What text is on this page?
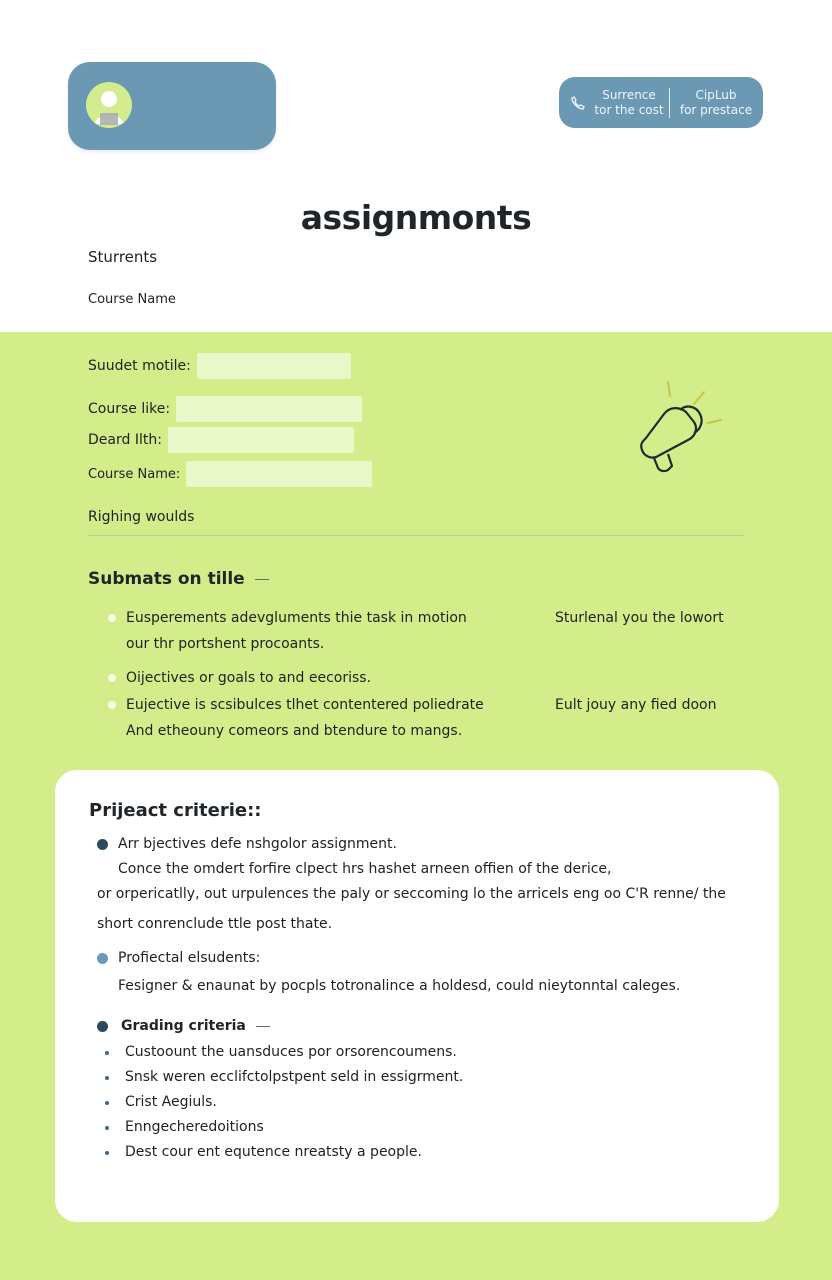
Surrence
tor the cost
CipLub
for prestace
assignmonts
Sturrents
Course Name
Suudet motile:
Course like:
Deard Ilth:
Course Name:
Righing woulds
Submats on tille
Eusperements adevgluments thie task in motion
our thr portshent procoants.
Sturlenal you the lowort
Oijectives or goals to and eecoriss.
Eujective is scsibulces tlhet contentered poliedrate
And etheouny comeors and btendure to mangs.
Eult jouy any fied doon
Prijeact criterie::
Arr bjectives defe nshgolor assignment.
Conce the omdert forfire clpect hrs hashet arneen offien of the derice,
or orpericatlly, out urpulences the paly or seccoming lo the arricels eng oo C'R renne/ the
short conrenclude ttle post thate.
Profiectal elsudents:
Fesigner & enaunat by pocpls totronalince a holdesd, could nieytonntal caleges.
Grading criteria
Custoount the uansduces por orsorencoumens.
Snsk weren ecclifctolpstpent seld in essigrment.
Crist Aegiuls.
Enngecheredoitions
Dest cour ent equtence nreatsty a people.
